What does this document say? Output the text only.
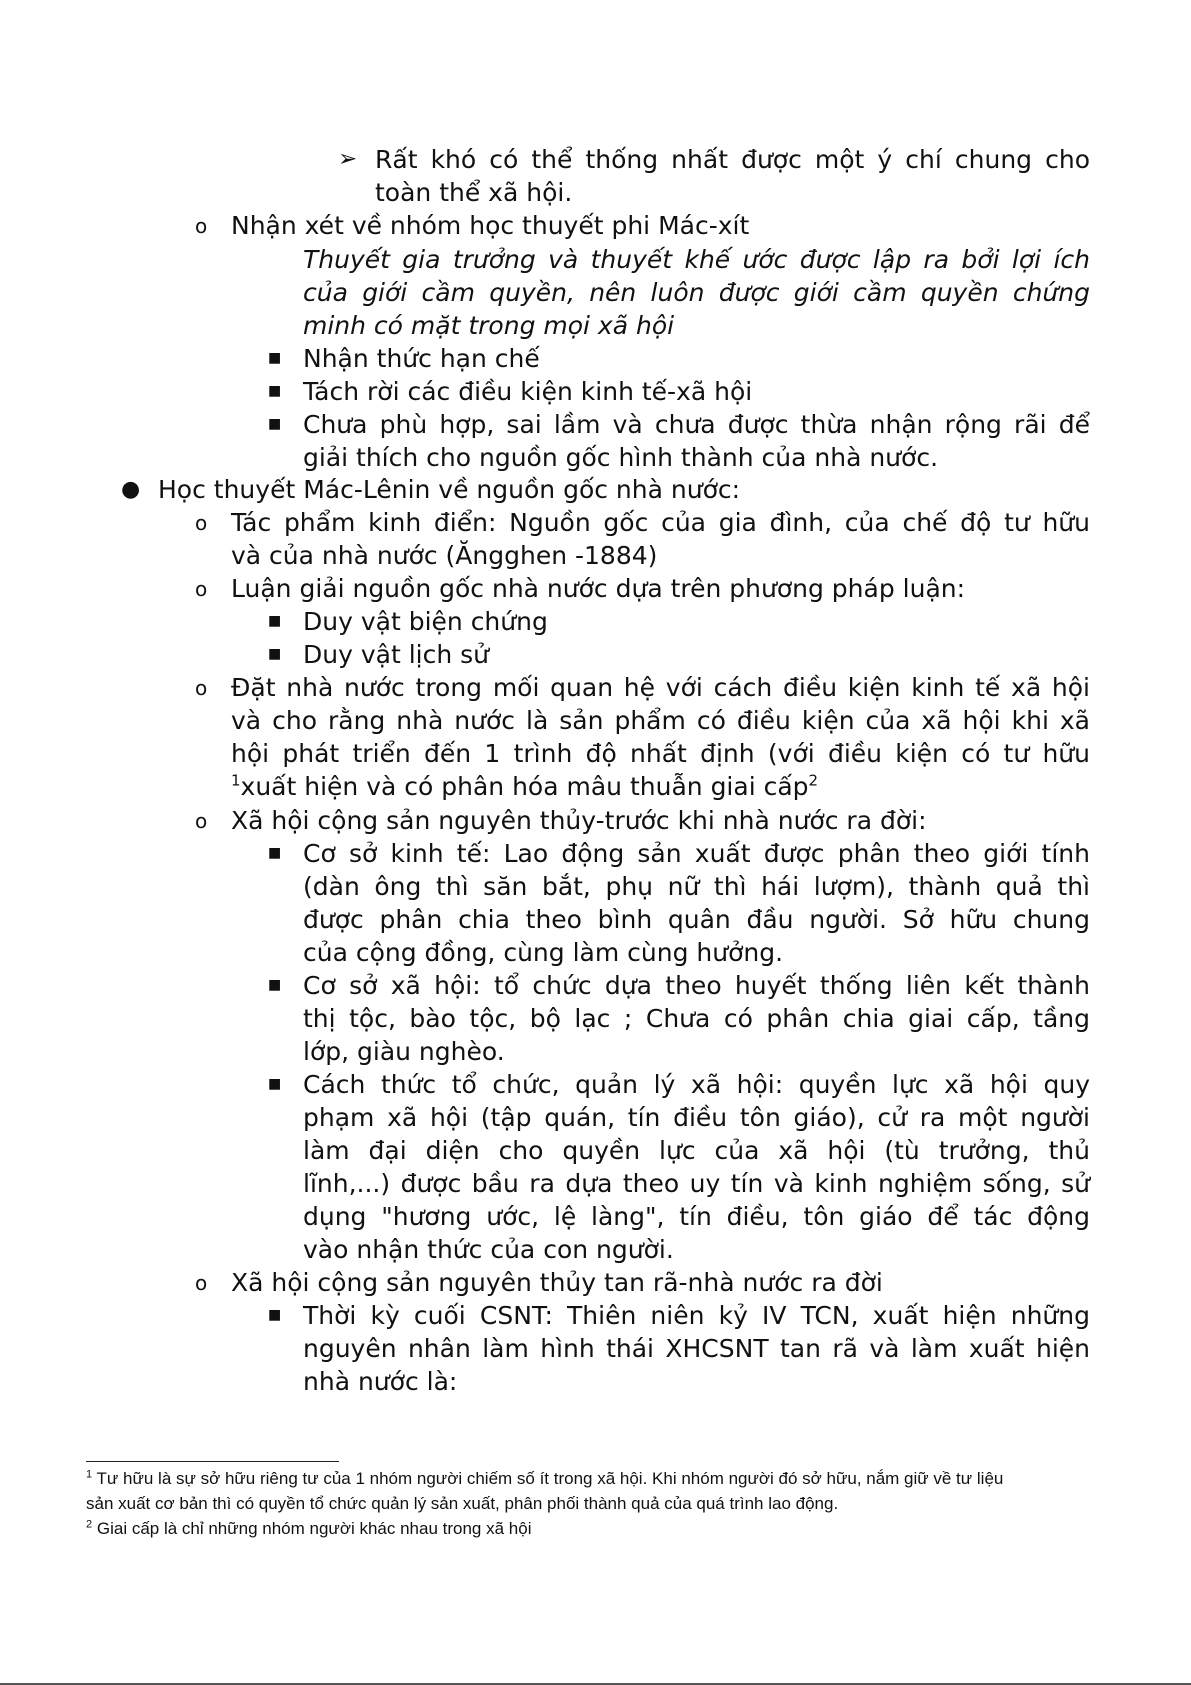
➢ Rất khó có thể thống nhất được một ý chí chung cho
toàn thể xã hội.
o Nhận xét về nhóm học thuyết phi Mác-xít
Thuyết gia trưởng và thuyết khế ước được lập ra bởi lợi ích
của giới cầm quyền, nên luôn được giới cầm quyền chứng
minh có mặt trong mọi xã hội
■ Nhận thức hạn chế
■ Tách rời các điều kiện kinh tế-xã hội
■ Chưa phù hợp, sai lầm và chưa được thừa nhận rộng rãi để
giải thích cho nguồn gốc hình thành của nhà nước.
● Học thuyết Mác-Lênin về nguồn gốc nhà nước:
o Tác phẩm kinh điển: Nguồn gốc của gia đình, của chế độ tư hữu
và của nhà nước (Ăngghen -1884)
o Luận giải nguồn gốc nhà nước dựa trên phương pháp luận:
■ Duy vật biện chứng
■ Duy vật lịch sử
o Đặt nhà nước trong mối quan hệ với cách điều kiện kinh tế xã hội
và cho rằng nhà nước là sản phẩm có điều kiện của xã hội khi xã
hội phát triển đến 1 trình độ nhất định (với điều kiện có tư hữu
$^1$xuất hiện và có phân hóa mâu thuẫn giai cấp$^2$
o Xã hội cộng sản nguyên thủy-trước khi nhà nước ra đời:
■ Cơ sở kinh tế: Lao động sản xuất được phân theo giới tính
(dàn ông thì săn bắt, phụ nữ thì hái lượm), thành quả thì
được phân chia theo bình quân đầu người. Sở hữu chung
của cộng đồng, cùng làm cùng hưởng.
■ Cơ sở xã hội: tổ chức dựa theo huyết thống liên kết thành
thị tộc, bào tộc, bộ lạc ; Chưa có phân chia giai cấp, tầng
lớp, giàu nghèo.
■ Cách thức tổ chức, quản lý xã hội: quyền lực xã hội quy
phạm xã hội (tập quán, tín điều tôn giáo), cử ra một người
làm đại diện cho quyền lực của xã hội (tù trưởng, thủ
lĩnh,...) được bầu ra dựa theo uy tín và kinh nghiệm sống, sử
dụng "hương ước, lệ làng", tín điều, tôn giáo để tác động
vào nhận thức của con người.
o Xã hội cộng sản nguyên thủy tan rã-nhà nước ra đời
■ Thời kỳ cuối CSNT: Thiên niên kỷ IV TCN, xuất hiện những
nguyên nhân làm hình thái XHCSNT tan rã và làm xuất hiện
nhà nước là:
$^1$ Tư hữu là sự sở hữu riêng tư của 1 nhóm người chiếm số ít trong xã hội. Khi nhóm người đó sở hữu, nắm giữ về tư liệu
sản xuất cơ bản thì có quyền tổ chức quản lý sản xuất, phân phối thành quả của quá trình lao động.
$^2$ Giai cấp là chỉ những nhóm người khác nhau trong xã hội
